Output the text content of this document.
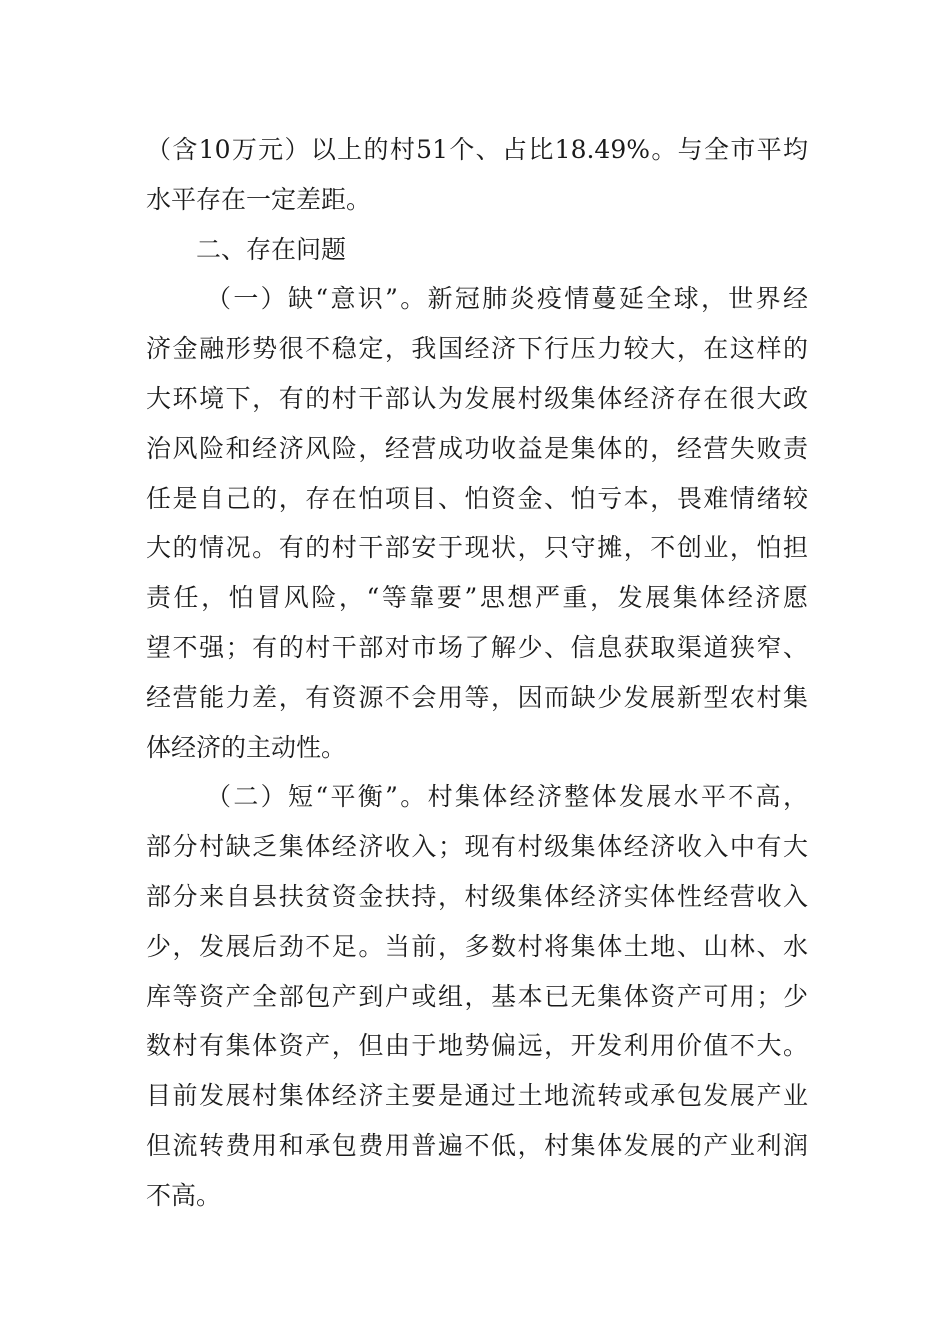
（含10万元）以上的村51个、占比18.49%。与全市平均
水平存在一定差距。
二、存在问题
（一）缺“意识”。新冠肺炎疫情蔓延全球，世界经
济金融形势很不稳定，我国经济下行压力较大，在这样的
大环境下，有的村干部认为发展村级集体经济存在很大政
治风险和经济风险，经营成功收益是集体的，经营失败责
任是自己的，存在怕项目、怕资金、怕亏本，畏难情绪较
大的情况。有的村干部安于现状，只守摊，不创业，怕担
责任，怕冒风险，“等靠要”思想严重，发展集体经济愿
望不强；有的村干部对市场了解少、信息获取渠道狭窄、
经营能力差，有资源不会用等，因而缺少发展新型农村集
体经济的主动性。
（二）短“平衡”。村集体经济整体发展水平不高，
部分村缺乏集体经济收入；现有村级集体经济收入中有大
部分来自县扶贫资金扶持，村级集体经济实体性经营收入
少，发展后劲不足。当前，多数村将集体土地、山林、水
库等资产全部包产到户或组，基本已无集体资产可用；少
数村有集体资产，但由于地势偏远，开发利用价值不大。
目前发展村集体经济主要是通过土地流转或承包发展产业
但流转费用和承包费用普遍不低，村集体发展的产业利润
不高。
